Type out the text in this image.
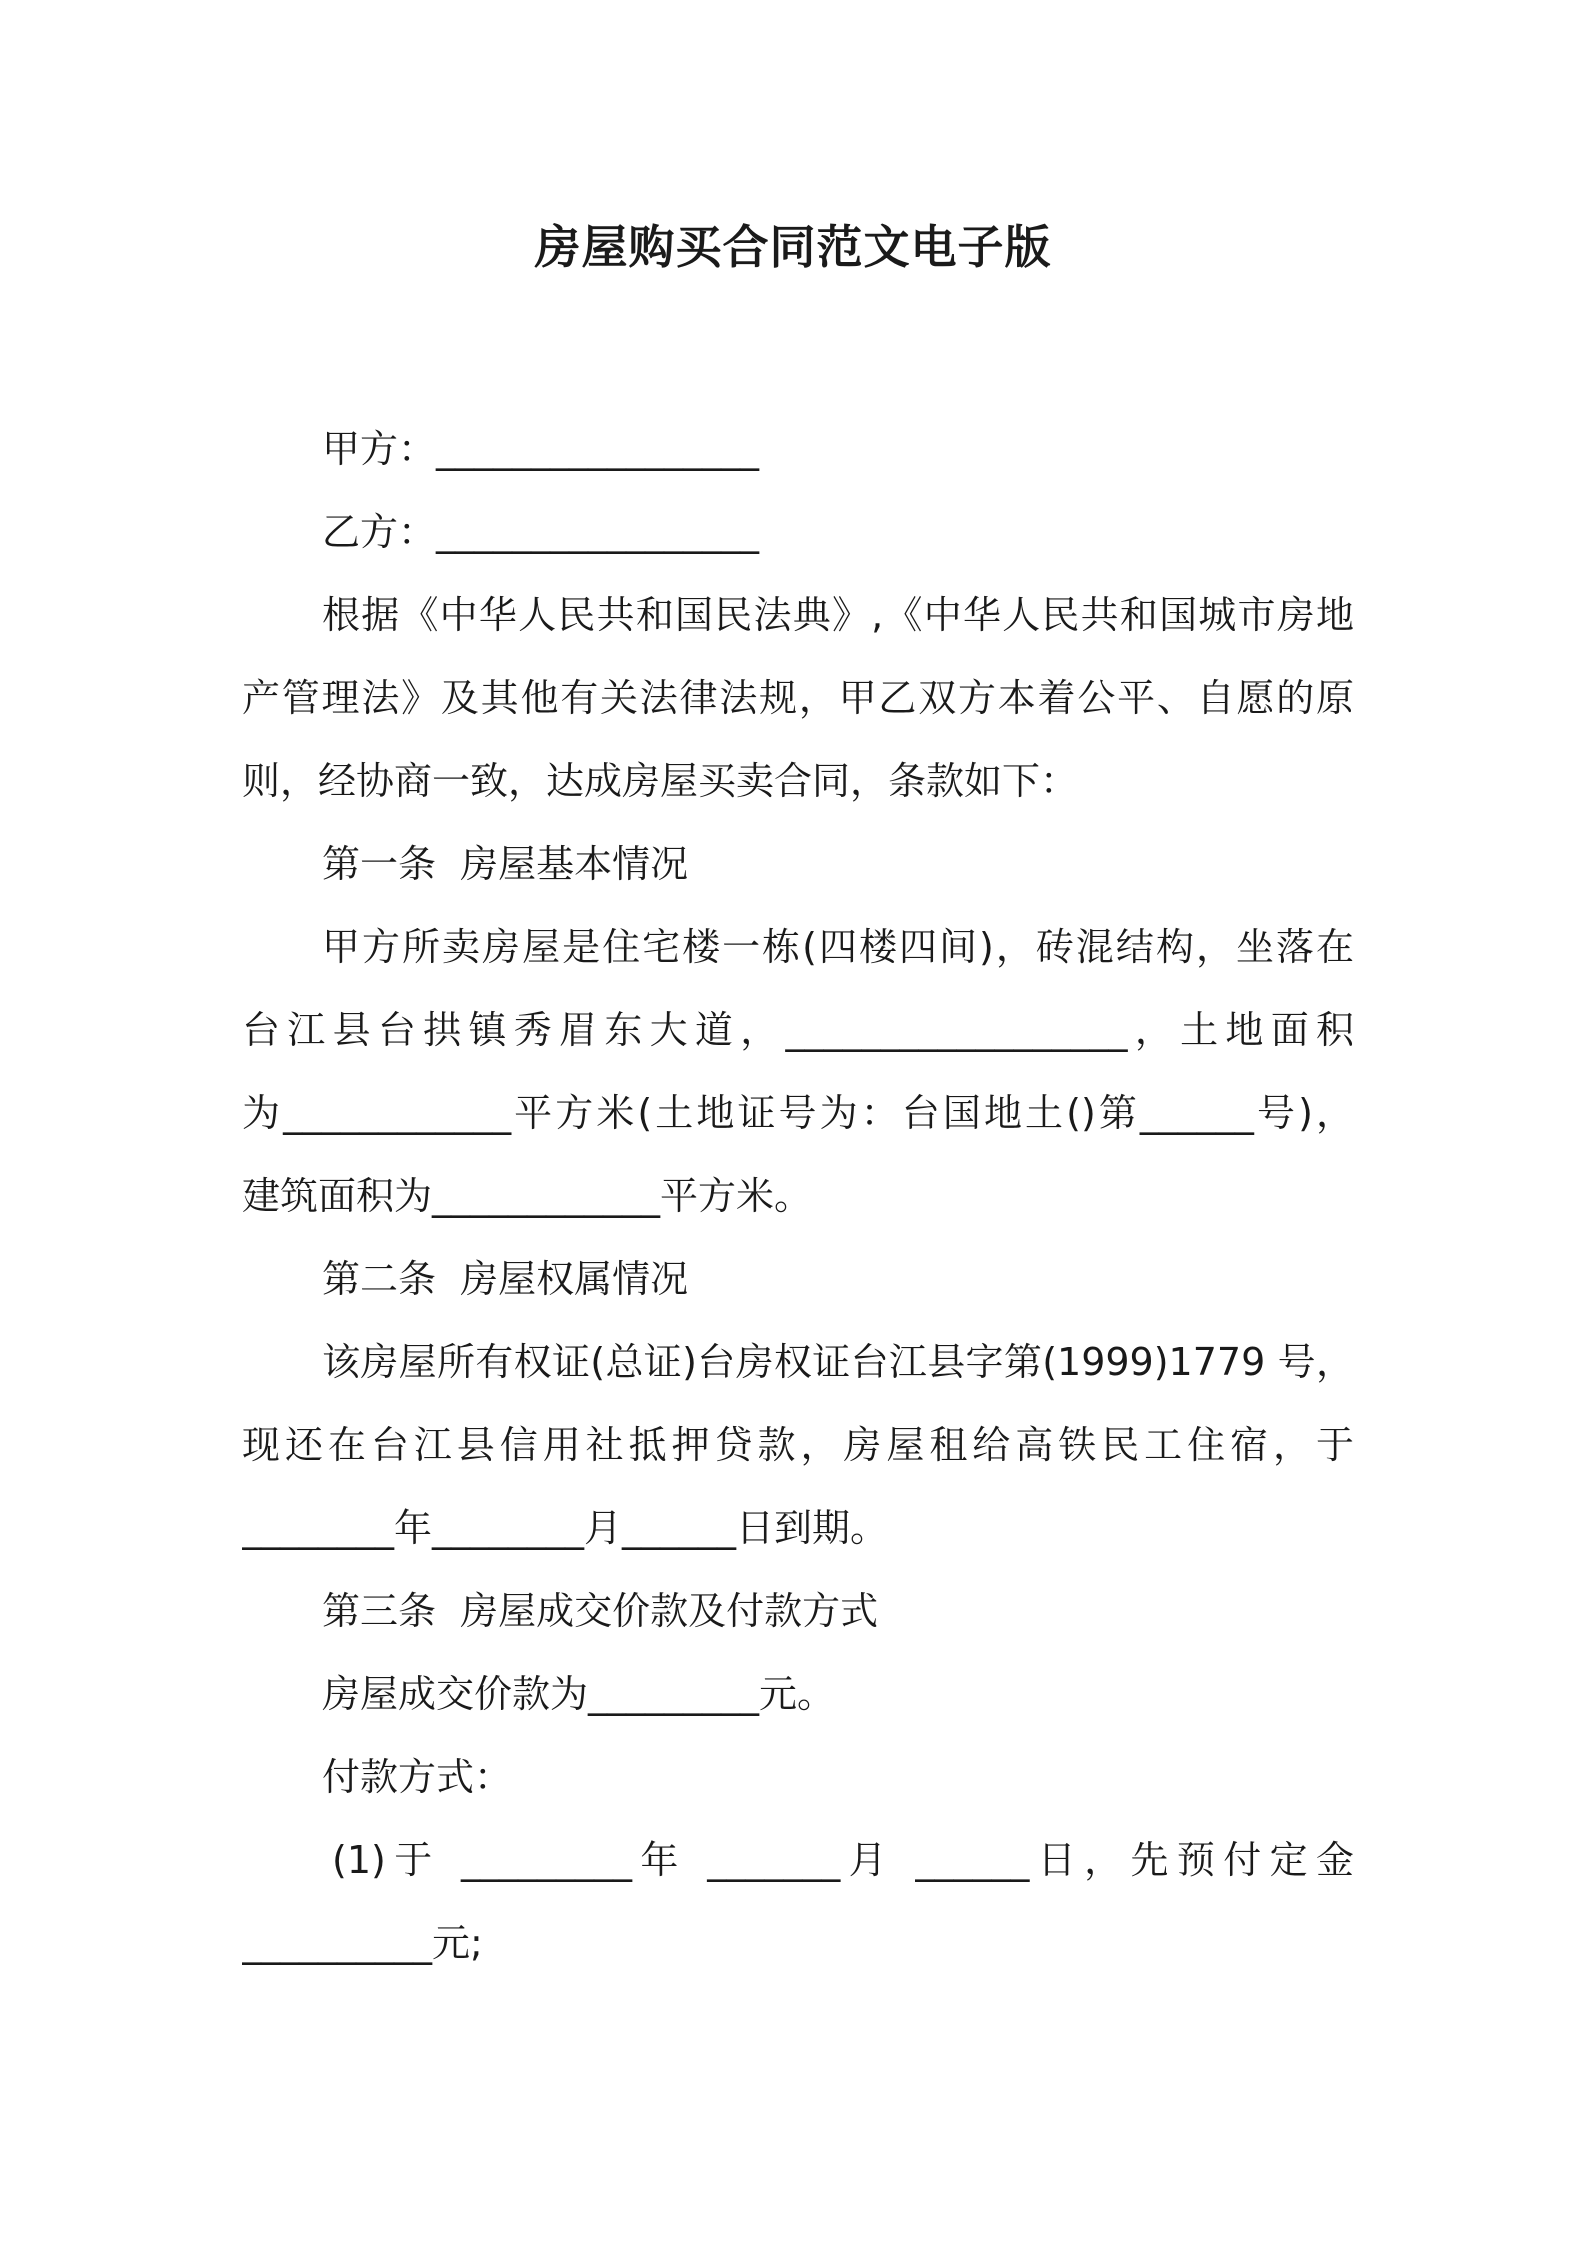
房屋购买合同范文电子版
甲方：_________________
乙方：_________________
根据《中华人民共和国民法典》,《中华人民共和国城市房地
产管理法》及其他有关法律法规，甲乙双方本着公平、自愿的原
则，经协商一致，达成房屋买卖合同，条款如下：
第一条  房屋基本情况
甲方所卖房屋是住宅楼一栋(四楼四间)，砖混结构，坐落在
台江县台拱镇秀眉东大道，__________________，土地面积
为____________平方米(土地证号为：台国地土()第______号)，
建筑面积为____________平方米。
第二条  房屋权属情况
该房屋所有权证(总证)台房权证台江县字第(1999)1779 号，
现还在台江县信用社抵押贷款，房屋租给高铁民工住宿，于
________年________月______日到期。
第三条  房屋成交价款及付款方式
房屋成交价款为_________元。
付款方式：
(1)于 _________年 _______月 ______日，先预付定金
__________元;
